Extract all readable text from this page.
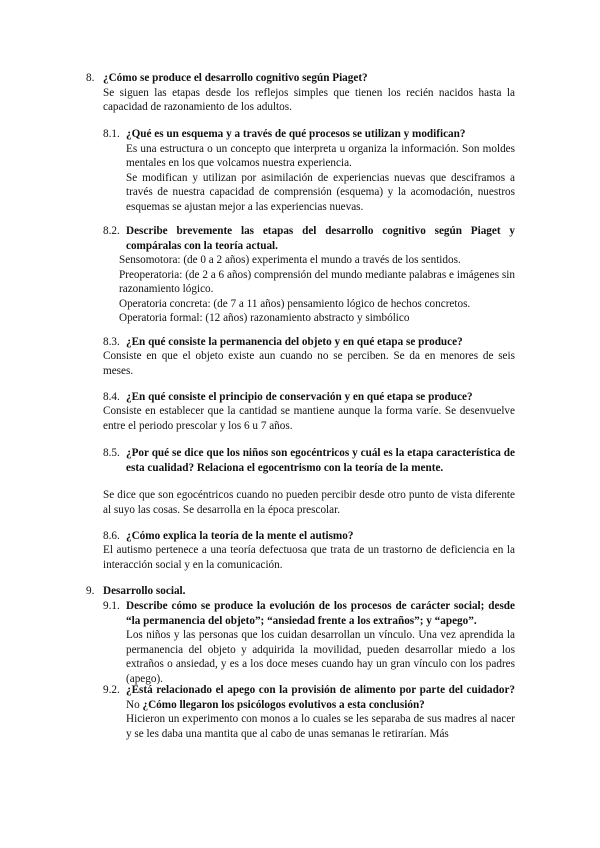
8. ¿Cómo se produce el desarrollo cognitivo según Piaget?

Se siguen las etapas desde los reflejos simples que tienen los recién nacidos hasta la capacidad de razonamiento de los adultos.

8.1. ¿Qué es un esquema y a través de qué procesos se utilizan y modifican?

Es una estructura o un concepto que interpreta u organiza la información. Son moldes mentales en los que volcamos nuestra experiencia.

Se modifican y utilizan por asimilación de experiencias nuevas que desciframos a través de nuestra capacidad de comprensión (esquema) y la acomodación, nuestros esquemas se ajustan mejor a las experiencias nuevas.

8.2. Describe brevemente las etapas del desarrollo cognitivo según Piaget y compáralas con la teoría actual.

Sensomotora: (de 0 a 2 años) experimenta el mundo a través de los sentidos.

Preoperatoria: (de 2 a 6 años) comprensión del mundo mediante palabras e imágenes sin razonamiento lógico.

Operatoria concreta: (de 7 a 11 años) pensamiento lógico de hechos concretos.

Operatoria formal: (12 años) razonamiento abstracto y simbólico

8.3. ¿En qué consiste la permanencia del objeto y en qué etapa se produce?

Consiste en que el objeto existe aun cuando no se perciben. Se da en menores de seis meses.

8.4. ¿En qué consiste el principio de conservación y en qué etapa se produce?

Consiste en establecer que la cantidad se mantiene aunque la forma varíe. Se desenvuelve entre el periodo prescolar y los 6 u 7 años.

8.5. ¿Por qué se dice que los niños son egocéntricos y cuál es la etapa característica de esta cualidad? Relaciona el egocentrismo con la teoría de la mente.

Se dice que son egocéntricos cuando no pueden percibir desde otro punto de vista diferente al suyo las cosas. Se desarrolla en la época prescolar.

8.6. ¿Cómo explica la teoría de la mente el autismo?

El autismo pertenece a una teoría defectuosa que trata de un trastorno de deficiencia en la interacción social y en la comunicación.

9. Desarrollo social.

9.1. Describe cómo se produce la evolución de los procesos de carácter social; desde “la permanencia del objeto”; “ansiedad frente a los extraños”; y “apego”.

Los niños y las personas que los cuidan desarrollan un vínculo. Una vez aprendida la permanencia del objeto y adquirida la movilidad, pueden desarrollar miedo a los extraños o ansiedad, y es a los doce meses cuando hay un gran vínculo con los padres (apego).

9.2. ¿Está relacionado el apego con la provisión de alimento por parte del cuidador? No ¿Cómo llegaron los psicólogos evolutivos a esta conclusión?

Hicieron un experimento con monos a lo cuales se les separaba de sus madres al nacer y se les daba una mantita que al cabo de unas semanas le retirarían. Más
